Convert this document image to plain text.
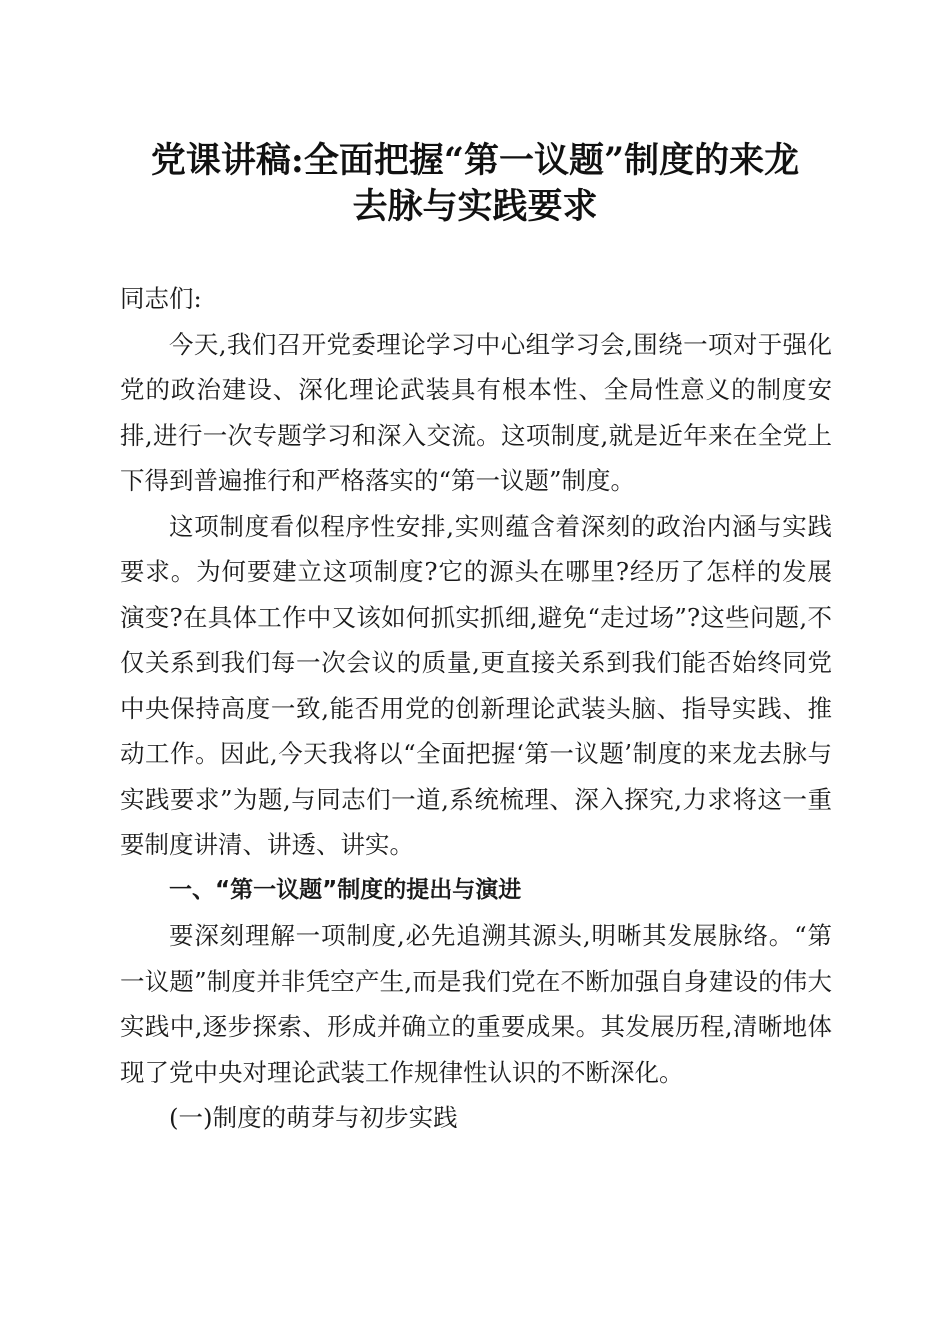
党课讲稿:全面把握“第一议题”制度的来龙
去脉与实践要求

同志们:

今天,我们召开党委理论学习中心组学习会,围绕一项对于强化党的政治建设、深化理论武装具有根本性、全局性意义的制度安排,进行一次专题学习和深入交流。这项制度,就是近年来在全党上下得到普遍推行和严格落实的“第一议题”制度。

这项制度看似程序性安排,实则蕴含着深刻的政治内涵与实践要求。为何要建立这项制度?它的源头在哪里?经历了怎样的发展演变?在具体工作中又该如何抓实抓细,避免“走过场”?这些问题,不仅关系到我们每一次会议的质量,更直接关系到我们能否始终同党中央保持高度一致,能否用党的创新理论武装头脑、指导实践、推动工作。因此,今天我将以“全面把握‘第一议题’制度的来龙去脉与实践要求”为题,与同志们一道,系统梳理、深入探究,力求将这一重要制度讲清、讲透、讲实。

一、“第一议题”制度的提出与演进

要深刻理解一项制度,必先追溯其源头,明晰其发展脉络。“第一议题”制度并非凭空产生,而是我们党在不断加强自身建设的伟大实践中,逐步探索、形成并确立的重要成果。其发展历程,清晰地体现了党中央对理论武装工作规律性认识的不断深化。

(一)制度的萌芽与初步实践
